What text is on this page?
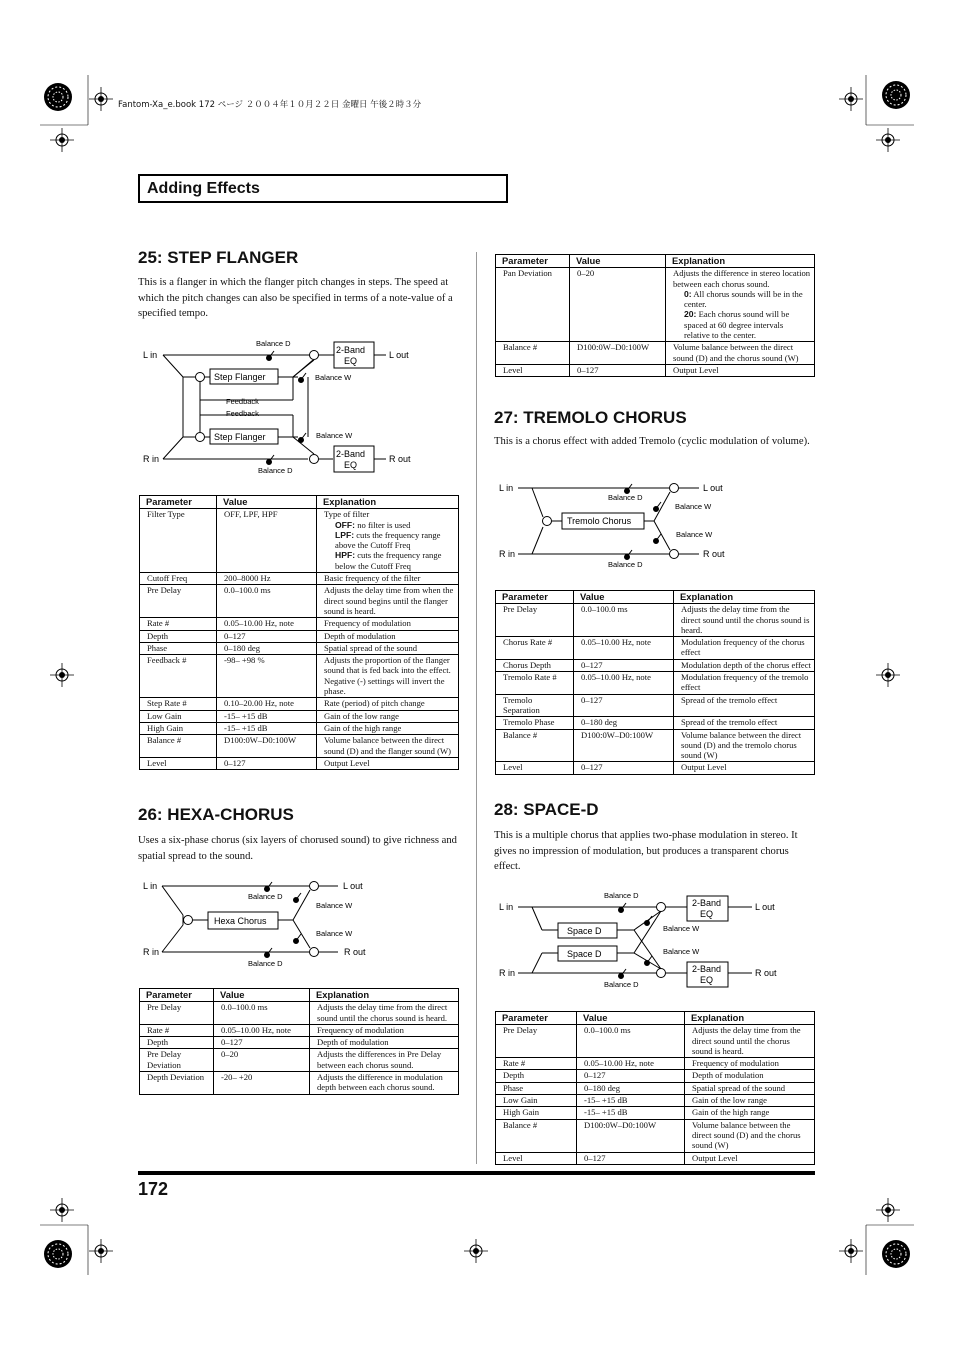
Fantom-Xa_e.book 172 ページ ２００４年１０月２２日 金曜日 午後２時３分
Adding Effects
25: STEP FLANGER
This is a flanger in which the flanger pitch changes in steps. The speed at which the pitch changes can also be specified in terms of a note-value of a specified tempo.
L in
R in
L out
R out
Step Flanger
Step Flanger
2-Band
EQ
2-Band
EQ
Balance D
Balance D
Balance W
Balance W
Feedback
Feedback
Parameter	Value	Explanation
Filter Type	OFF, LPF, HPF	Type of filter
OFF: no filter is used
LPF: cuts the frequency range above the Cutoff Freq
HPF: cuts the frequency range below the Cutoff Freq

Cutoff Freq	200–8000 Hz	Basic frequency of the filter
Pre Delay	0.0–100.0 ms	Adjusts the delay time from when the direct sound begins until the flanger sound is heard.
Rate #	0.05–10.00 Hz, note	Frequency of modulation
Depth	0–127	Depth of modulation
Phase	0–180 deg	Spatial spread of the sound
Feedback #	-98– +98 %	Adjusts the proportion of the flanger sound that is fed back into the effect. Negative (-) settings will invert the phase.
Step Rate #	0.10–20.00 Hz, note	Rate (period) of pitch change
Low Gain	-15– +15 dB	Gain of the low range
High Gain	-15– +15 dB	Gain of the high range
Balance #	D100:0W–D0:100W	Volume balance between the direct sound (D) and the flanger sound (W)
Level	0–127	Output Level
26: HEXA-CHORUS
Uses a six-phase chorus (six layers of chorused sound) to give richness and spatial spread to the sound.
L in
R in
L out
R out
Hexa Chorus
Balance D
Balance D
Balance W
Balance W
Parameter	Value	Explanation
Pre Delay	0.0–100.0 ms	Adjusts the delay time from the direct sound until the chorus sound is heard.
Rate #	0.05–10.00 Hz, note	Frequency of modulation
Depth	0–127	Depth of modulation
Pre Delay Deviation	0–20	Adjusts the differences in Pre Delay between each chorus sound.
Depth Deviation	-20– +20	Adjusts the difference in modulation depth between each chorus sound.
Parameter	Value	Explanation
Pan Deviation	0–20	Adjusts the difference in stereo location between each chorus sound.
0: All chorus sounds will be in the center.
20: Each chorus sound will be spaced at 60 degree intervals relative to the center.

Balance #	D100:0W–D0:100W	Volume balance between the direct sound (D) and the chorus sound (W)
Level	0–127	Output Level
27: TREMOLO CHORUS
This is a chorus effect with added Tremolo (cyclic modulation of volume).
L in
R in
L out
R out
Tremolo Chorus
Balance D
Balance D
Balance W
Balance W
Parameter	Value	Explanation
Pre Delay	0.0–100.0 ms	Adjusts the delay time from the direct sound until the chorus sound is heard.
Chorus Rate #	0.05–10.00 Hz, note	Modulation frequency of the chorus effect
Chorus Depth	0–127	Modulation depth of the chorus effect
Tremolo Rate #	0.05–10.00 Hz, note	Modulation frequency of the tremolo effect
Tremolo Separation	0–127	Spread of the tremolo effect
Tremolo Phase	0–180 deg	Spread of the tremolo effect
Balance #	D100:0W–D0:100W	Volume balance between the direct sound (D) and the tremolo chorus sound (W)
Level	0–127	Output Level
28: SPACE-D
This is a multiple chorus that applies two-phase modulation in stereo. It gives no impression of modulation, but produces a transparent chorus effect.
L in
R in
L out
R out
Space D
Space D
2-Band
EQ
2-Band
EQ
Balance D
Balance D
Balance W
Balance W
Parameter	Value	Explanation
Pre Delay	0.0–100.0 ms	Adjusts the delay time from the direct sound until the chorus sound is heard.
Rate #	0.05–10.00 Hz, note	Frequency of modulation
Depth	0–127	Depth of modulation
Phase	0–180 deg	Spatial spread of the sound
Low Gain	-15– +15 dB	Gain of the low range
High Gain	-15– +15 dB	Gain of the high range
Balance #	D100:0W–D0:100W	Volume balance between the direct sound (D) and the chorus sound (W)
Level	0–127	Output Level
172
